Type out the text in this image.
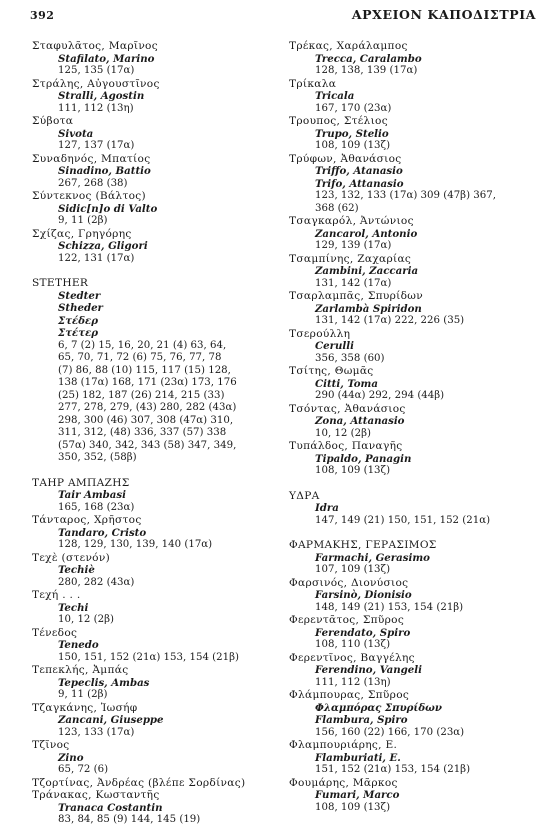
392	ΑΡΧΕΙΟΝ ΚΑΠΟΔΙΣΤΡΙΑ
Σταφυλᾶτος, Μαρῖνος
Stafilato, Marino
125, 135 (17α)
Στράλης, Αὐγουστῖνος
Stralli, Agostin
111, 112 (13η)
Σύβοτα
Sivota
127, 137 (17α)
Συναδηνός, Μπατίος
Sinadino, Battio
267, 268 (38)
Σύντεκνος (Βάλτος)
Sidic[n]o di Valto
9, 11 (2β)
Σχίζας, Γρηγόρης
Schizza, Gligori
122, 131 (17α)
STETHER
Stedter
Stheder
Στέδερ
Στέτερ
6, 7 (2) 15, 16, 20, 21 (4) 63, 64,
65, 70, 71, 72 (6) 75, 76, 77, 78
(7) 86, 88 (10) 115, 117 (15) 128,
138 (17α) 168, 171 (23α) 173, 176
(25) 182, 187 (26) 214, 215 (33)
277, 278, 279, (43) 280, 282 (43α)
298, 300 (46) 307, 308 (47α) 310,
311, 312, (48) 336, 337 (57) 338
(57α) 340, 342, 343 (58) 347, 349,
350, 352, (58β)
ΤΑΗΡ ΑΜΠΑΖΗΣ
Tair Ambasi
165, 168 (23α)
Τάνταρος, Χρῆστος
Tandaro, Cristo
128, 129, 130, 139, 140 (17α)
Τεχὲ (στενόν)
Techiè
280, 282 (43α)
Τεχή . . .
Techi
10, 12 (2β)
Τένεδος
Tenedo
150, 151, 152 (21α) 153, 154 (21β)
Τεπεκλής, Ἀμπάς
Tepeclis, Ambas
9, 11 (2β)
Τζαγκάνης, Ἰωσήφ
Zancani, Giuseppe
123, 133 (17α)
Τζῖνος
Zino
65, 72 (6)
Τζορτίνας, Ἀνδρέας (βλέπε Σορδίνας)
Τράνακας, Κωσταντῆς
Tranaca Costantin
83, 84, 85 (9) 144, 145 (19)
Τρέκας, Χαράλαμπος
Trecca, Caralambo
128, 138, 139 (17α)
Τρίκαλα
Tricala
167, 170 (23α)
Τρουπος, Στέλιος
Trupo, Stelio
108, 109 (13ζ)
Τρύφων, Ἀθανάσιος
Triffo, Atanasio
Trifo, Attanasio
123, 132, 133 (17α) 309 (47β) 367,
368 (62)
Τσαγκαρόλ, Ἀντώνιος
Zancarol, Antonio
129, 139 (17α)
Τσαμπίνης, Ζαχαρίας
Zambini, Zaccaria
131, 142 (17α)
Τσαρλαμπᾶς, Σπυρίδων
Zarlambà Spiridon
131, 142 (17α) 222, 226 (35)
Τσερούλλη
Cerulli
356, 358 (60)
Τσίτης, Θωμᾶς
Citti, Toma
290 (44α) 292, 294 (44β)
Τσόντας, Ἀθανάσιος
Zona, Attanasio
10, 12 (2β)
Τυπάλδος, Παναγῆς
Tipaldo, Panagin
108, 109 (13ζ)
ΥΔΡΑ
Idra
147, 149 (21) 150, 151, 152 (21α)
ΦΑΡΜΑΚΗΣ, ΓΕΡΑΣΙΜΟΣ
Farmachi, Gerasimo
107, 109 (13ζ)
Φαρσινός, Διονύσιος
Farsinò, Dionisio
148, 149 (21) 153, 154 (21β)
Φερεντᾶτος, Σπῦρος
Ferendato, Spiro
108, 110 (13ζ)
Φερεντῖνος, Βαγγέλης
Ferendino, Vangeli
111, 112 (13η)
Φλάμπουρας, Σπῦρος
Φλαμπόρας Σπυρίδων
Flambura, Spiro
156, 160 (22) 166, 170 (23α)
Φλαμπουριάρης, Ε.
Flamburiati, E.
151, 152 (21α) 153, 154 (21β)
Φουμάρης, Μᾶρκος
Fumari, Marco
108, 109 (13ζ)
